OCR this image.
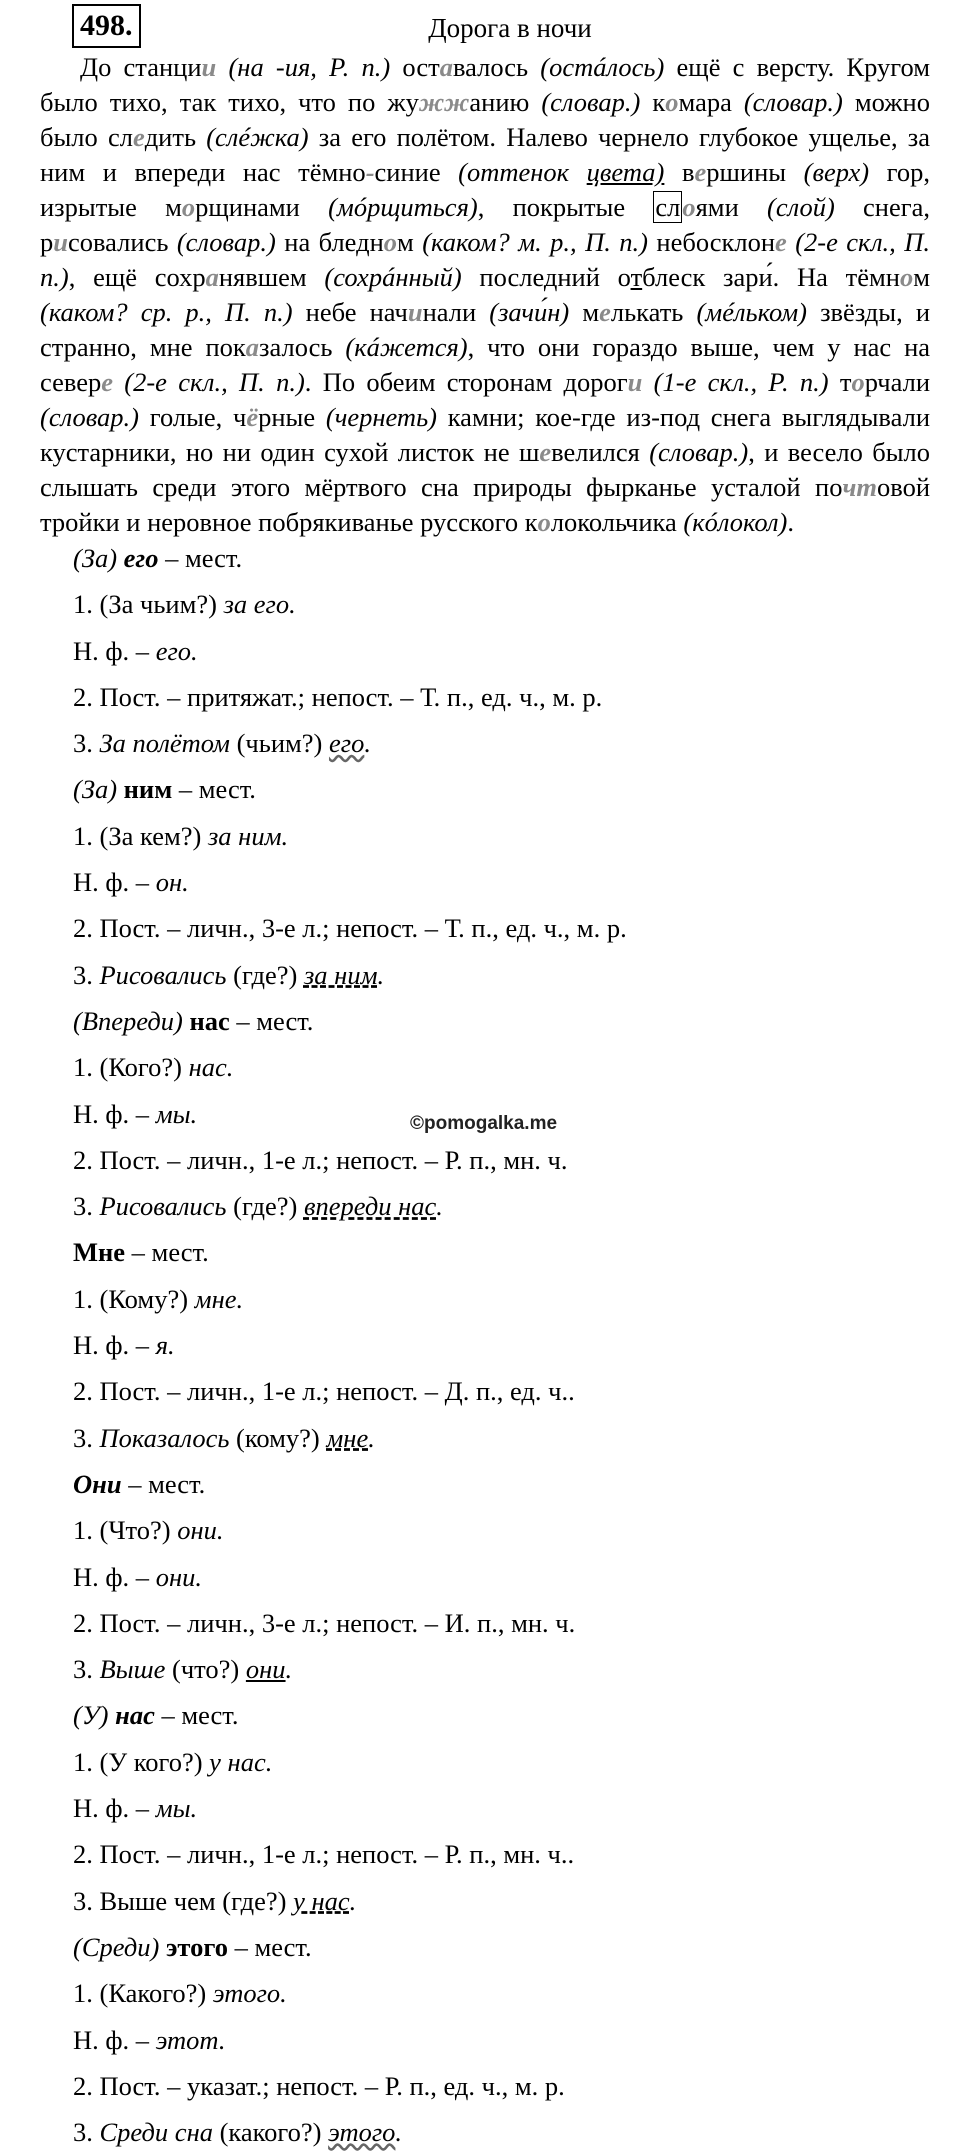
498.	Дорога в ночи
До станции (на -ия, Р. п.) оставалось (остáлось) ещё с версту. Кругом было тихо, так тихо, что по жужжанию (словар.) комара (словар.) можно было следить (слéжка) за его полётом. Налево чернело глубокое ущелье, за ним и впереди нас тёмно-синие (оттенок цвета) вершины (верх) гор, изрытые морщинами (мóрщиться), покрытые слоями (слой) снега, рисовались (словар.) на бледном (каком? м. р., П. п.) небосклоне (2-е скл., П. п.), ещё сохранявшем (сохрáнный) последний отблеск зари́. На тёмном (каком? ср. р., П. п.) небе начинали (зачи́н) мелькать (мéльком) звёзды, и странно, мне показалось (кáжется), что они гораздо выше, чем у нас на севере (2-е скл., П. п.). По обеим сторонам дороги (1-е скл., Р. п.) торчали (словар.) голые, чёрные (чернеть) камни; кое-где из-под снега выглядывали кустарники, но ни один сухой листок не шевелился (словар.), и весело было слышать среди этого мёртвого сна природы фырканье усталой почтовой тройки и неровное побрякиванье русского колокольчика (кóлокол).
(За) его – мест.
1. (За чьим?) за его.
Н. ф. – его.
2. Пост. – притяжат.; непост. – Т. п., ед. ч., м. р.
3. За полётом (чьим?) его.
(За) ним – мест.
1. (За кем?) за ним.
Н. ф. – он.
2. Пост. – личн., 3-е л.; непост. – Т. п., ед. ч., м. р.
3. Рисовались (где?) за ним.
(Впереди) нас – мест.
1. (Кого?) нас.
Н. ф. – мы.
2. Пост. – личн., 1-е л.; непост. – Р. п., мн. ч.
3. Рисовались (где?) впереди нас.
Мне – мест.
1. (Кому?) мне.
Н. ф. – я.
2. Пост. – личн., 1-е л.; непост. – Д. п., ед. ч..
3. Показалось (кому?) мне.
Они – мест.
1. (Что?) они.
Н. ф. – они.
2. Пост. – личн., 3-е л.; непост. – И. п., мн. ч.
3. Выше (что?) они.
(У) нас – мест.
1. (У кого?) у нас.
Н. ф. – мы.
2. Пост. – личн., 1-е л.; непост. – Р. п., мн. ч..
3. Выше чем (где?) у нас.
(Среди) этого – мест.
1. (Какого?) этого.
Н. ф. – этот.
2. Пост. – указат.; непост. – Р. п., ед. ч., м. р.
3. Среди сна (какого?) этого.
©pomogalka.me
